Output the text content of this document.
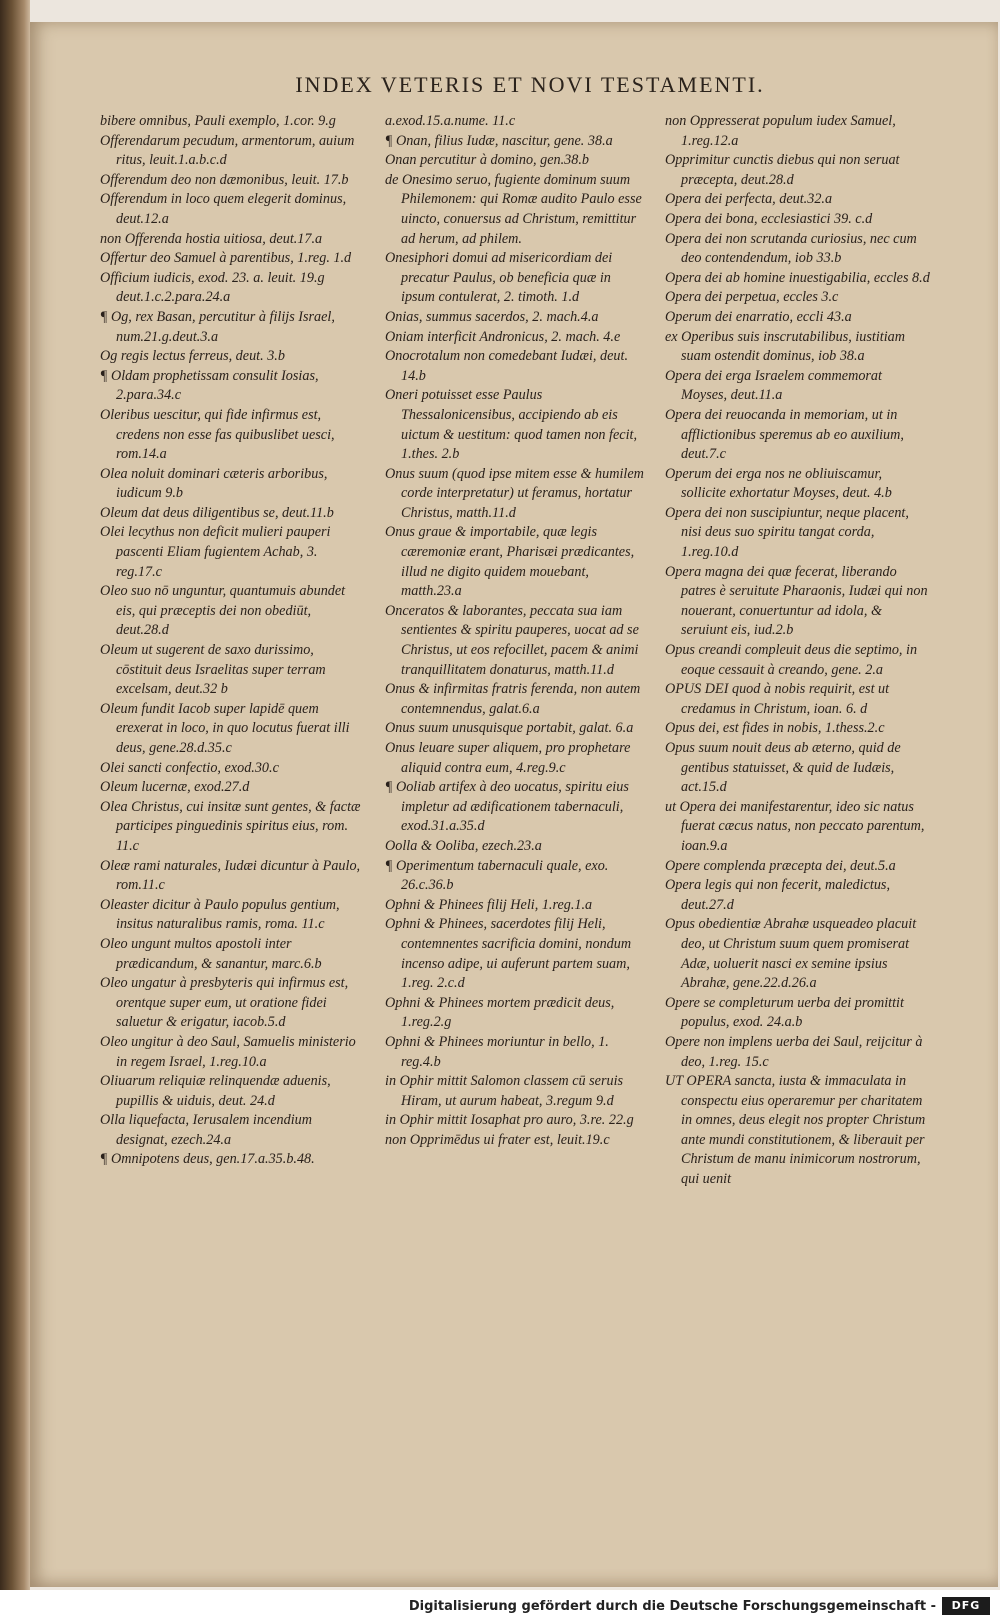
INDEX VETERIS ET NOVI TESTAMENTI.
bibere omnibus, Pauli exemplo, 1.cor. 9.g
Offerendarum pecudum, armentorum, auium ritus, leuit.1.a.b.c.d
Offerendum deo non dæmonibus, leuit. 17.b
Offerendum in loco quem elegerit dominus, deut.12.a
non Offerenda hostia uitiosa, deut.17.a
Offertur deo Samuel à parentibus, 1.reg. 1.d
Officium iudicis, exod. 23. a. leuit. 19.g deut.1.c.2.para.24.a
¶ Og, rex Basan, percutitur à filijs Israel, num.21.g.deut.3.a
Og regis lectus ferreus, deut. 3.b
¶ Oldam prophetissam consulit Iosias, 2.para.34.c
Oleribus uescitur, qui fide infirmus est, credens non esse fas quibuslibet uesci, rom.14.a
Olea noluit dominari cæteris arboribus, iudicum 9.b
Oleum dat deus diligentibus se, deut.11.b
Olei lecythus non deficit mulieri pauperi pascenti Eliam fugientem Achab, 3. reg.17.c
Oleo suo nō unguntur, quantumuis abundet eis, qui præceptis dei non obediūt, deut.28.d
Oleum ut sugerent de saxo durissimo, cōstituit deus Israelitas super terram excelsam, deut.32 b
Oleum fundit Iacob super lapidē quem erexerat in loco, in quo locutus fuerat illi deus, gene.28.d.35.c
Olei sancti confectio, exod.30.c
Oleum lucernæ, exod.27.d
Olea Christus, cui insitæ sunt gentes, & factæ participes pinguedinis spiritus eius, rom. 11.c
Oleæ rami naturales, Iudæi dicuntur à Paulo, rom.11.c
Oleaster dicitur à Paulo populus gentium, insitus naturalibus ramis, roma. 11.c
Oleo ungunt multos apostoli inter prædicandum, & sanantur, marc.6.b
Oleo ungatur à presbyteris qui infirmus est, orentque super eum, ut oratione fidei saluetur & erigatur, iacob.5.d
Oleo ungitur à deo Saul, Samuelis ministerio in regem Israel, 1.reg.10.a
Oliuarum reliquiæ relinquendæ aduenis, pupillis & uiduis, deut. 24.d
Olla liquefacta, Ierusalem incendium designat, ezech.24.a
¶ Omnipotens deus, gen.17.a.35.b.48.
a.exod.15.a.nume. 11.c
¶ Onan, filius Iudæ, nascitur, gene. 38.a
Onan percutitur à domino, gen.38.b
de Onesimo seruo, fugiente dominum suum Philemonem: qui Romæ audito Paulo esse uincto, conuersus ad Christum, remittitur ad herum, ad philem.
Onesiphori domui ad misericordiam dei precatur Paulus, ob beneficia quæ in ipsum contulerat, 2. timoth. 1.d
Onias, summus sacerdos, 2. mach.4.a
Oniam interficit Andronicus, 2. mach. 4.e
Onocrotalum non comedebant Iudæi, deut. 14.b
Oneri potuisset esse Paulus Thessalonicensibus, accipiendo ab eis uictum & uestitum: quod tamen non fecit, 1.thes. 2.b
Onus suum (quod ipse mitem esse & humilem corde interpretatur) ut feramus, hortatur Christus, matth.11.d
Onus graue & importabile, quæ legis cæremoniæ erant, Pharisæi prædicantes, illud ne digito quidem mouebant, matth.23.a
Onceratos & laborantes, peccata sua iam sentientes & spiritu pauperes, uocat ad se Christus, ut eos refocillet, pacem & animi tranquillitatem donaturus, matth.11.d
Onus & infirmitas fratris ferenda, non autem contemnendus, galat.6.a
Onus suum unusquisque portabit, galat. 6.a
Onus leuare super aliquem, pro prophetare aliquid contra eum, 4.reg.9.c
¶ Ooliab artifex à deo uocatus, spiritu eius impletur ad ædificationem tabernaculi, exod.31.a.35.d
Oolla & Ooliba, ezech.23.a
¶ Operimentum tabernaculi quale, exo. 26.c.36.b
Ophni & Phinees filij Heli, 1.reg.1.a
Ophni & Phinees, sacerdotes filij Heli, contemnentes sacrificia domini, nondum incenso adipe, ui auferunt partem suam, 1.reg. 2.c.d
Ophni & Phinees mortem prædicit deus, 1.reg.2.g
Ophni & Phinees moriuntur in bello, 1. reg.4.b
in Ophir mittit Salomon classem cū seruis Hiram, ut aurum habeat, 3.regum 9.d
in Ophir mittit Iosaphat pro auro, 3.re. 22.g
non Opprimēdus ui frater est, leuit.19.c
non Oppresserat populum iudex Samuel, 1.reg.12.a
Opprimitur cunctis diebus qui non seruat præcepta, deut.28.d
Opera dei perfecta, deut.32.a
Opera dei bona, ecclesiastici 39. c.d
Opera dei non scrutanda curiosius, nec cum deo contendendum, iob 33.b
Opera dei ab homine inuestigabilia, eccles 8.d
Opera dei perpetua, eccles 3.c
Operum dei enarratio, eccli 43.a
ex Operibus suis inscrutabilibus, iustitiam suam ostendit dominus, iob 38.a
Opera dei erga Israelem commemorat Moyses, deut.11.a
Opera dei reuocanda in memoriam, ut in afflictionibus speremus ab eo auxilium, deut.7.c
Operum dei erga nos ne obliuiscamur, sollicite exhortatur Moyses, deut. 4.b
Opera dei non suscipiuntur, neque placent, nisi deus suo spiritu tangat corda, 1.reg.10.d
Opera magna dei quæ fecerat, liberando patres è seruitute Pharaonis, Iudæi qui non nouerant, conuertuntur ad idola, & seruiunt eis, iud.2.b
Opus creandi compleuit deus die septimo, in eoque cessauit à creando, gene. 2.a
OPUS DEI quod à nobis requirit, est ut credamus in Christum, ioan. 6. d
Opus dei, est fides in nobis, 1.thess.2.c
Opus suum nouit deus ab æterno, quid de gentibus statuisset, & quid de Iudæis, act.15.d
ut Opera dei manifestarentur, ideo sic natus fuerat cæcus natus, non peccato parentum, ioan.9.a
Opere complenda præcepta dei, deut.5.a
Opera legis qui non fecerit, maledictus, deut.27.d
Opus obedientiæ Abrahæ usqueadeo placuit deo, ut Christum suum quem promiserat Adæ, uoluerit nasci ex semine ipsius Abrahæ, gene.22.d.26.a
Opere se completurum uerba dei promittit populus, exod. 24.a.b
Opere non implens uerba dei Saul, reijcitur à deo, 1.reg. 15.c
UT OPERA sancta, iusta & immaculata in conspectu eius operaremur per charitatem in omnes, deus elegit nos propter Christum ante mundi constitutionem, & liberauit per Christum de manu inimicorum nostrorum, qui uenit
Digitalisierung gefördert durch die Deutsche Forschungsgemeinschaft -	DFG
